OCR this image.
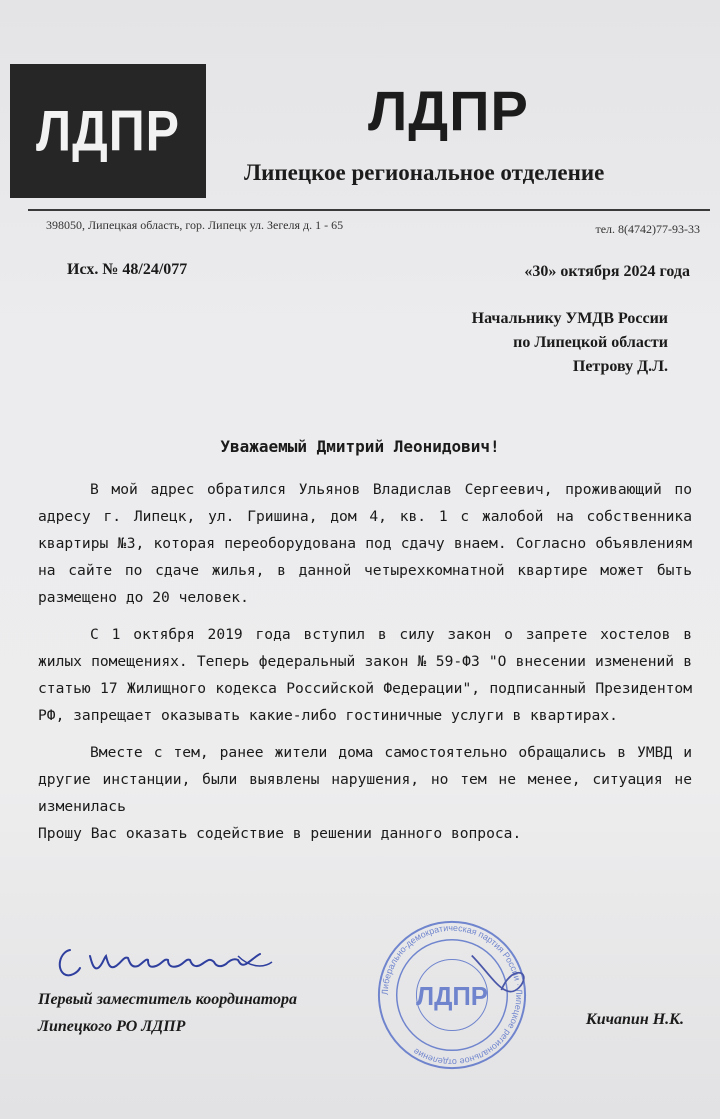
ЛДПР	ЛДПР
Липецкое региональное отделение
398050, Липецкая область, гор. Липецк ул. Зегеля д. 1 - 65	тел. 8(4742)77-93-33
Исх. № 48/24/077	«30» октября 2024 года
Начальнику УМДВ России
по Липецкой области
Петрову Д.Л.
Уважаемый Дмитрий Леонидович!

В мой адрес обратился Ульянов Владислав Сергеевич, проживающий по адресу г. Липецк, ул. Гришина, дом 4, кв. 1 с жалобой на собственника квартиры №3, которая переоборудована под сдачу внаем. Согласно объявлениям на сайте по сдаче жилья, в данной четырехкомнатной квартире может быть размещено до 20 человек.

С 1 октября 2019 года вступил в силу закон о запрете хостелов в жилых помещениях. Теперь федеральный закон № 59-ФЗ "О внесении изменений в статью 17 Жилищного кодекса Российской Федерации", подписанный Президентом РФ, запрещает оказывать какие-либо гостиничные услуги в квартирах.

Вместе с тем, ранее жители дома самостоятельно обращались в УМВД и другие инстанции, были выявлены нарушения, но тем не менее, ситуация не изменилась

Прошу Вас оказать содействие в решении данного вопроса.

Либерально-демократическая партия России · Липецкое региональное отделение
ЛДПР
Первый заместитель координатора
Липецкого РО ЛДПР	Кичапин Н.К.
